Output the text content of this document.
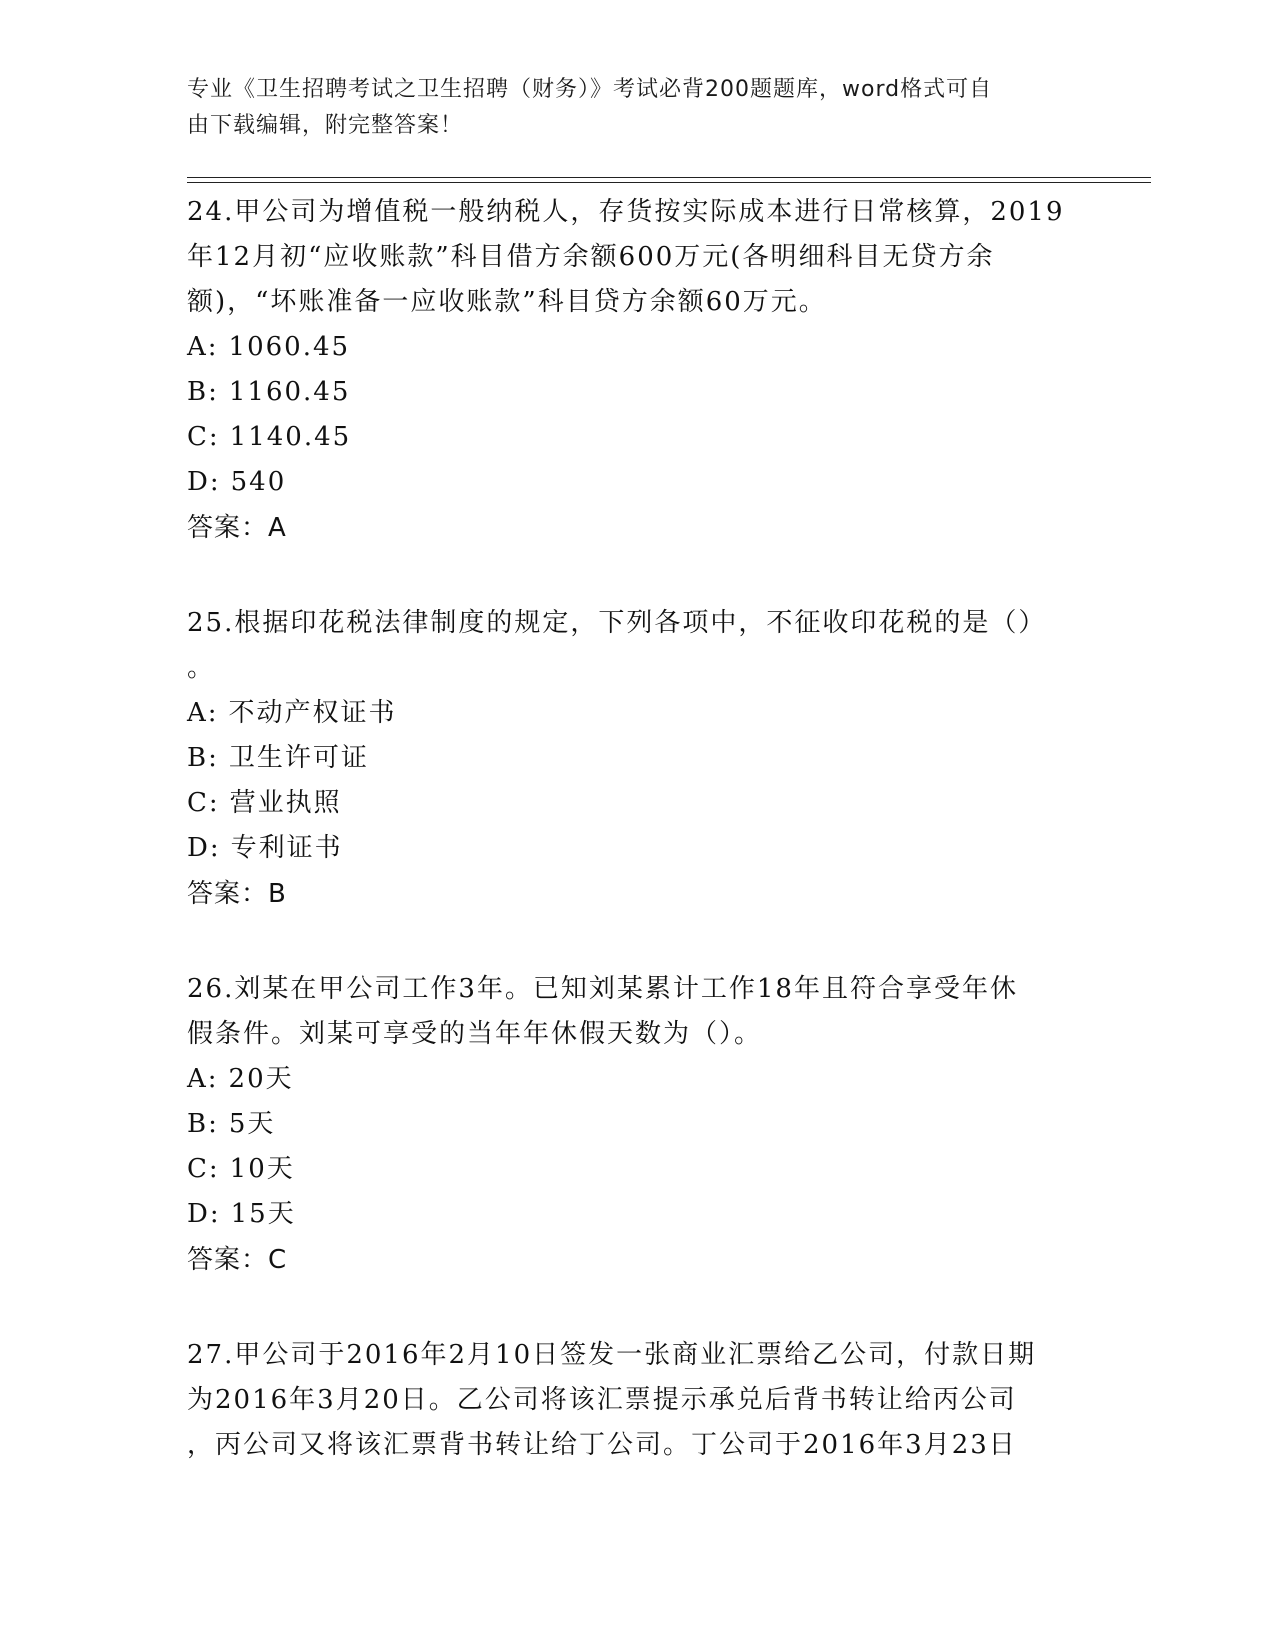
专业《卫生招聘考试之卫生招聘（财务）》考试必背200题题库，word格式可自
由下载编辑，附完整答案！

24.甲公司为增值税一般纳税人，存货按实际成本进行日常核算，2019

年12月初“应收账款”科目借方余额600万元(各明细科目无贷方余

额)，“坏账准备一应收账款”科目贷方余额60万元。

A: 1060.45

B: 1160.45

C: 1140.45

D: 540

答案：A

25.根据印花税法律制度的规定，下列各项中，不征收印花税的是（）

。

A: 不动产权证书

B: 卫生许可证

C: 营业执照

D: 专利证书

答案：B

26.刘某在甲公司工作3年。已知刘某累计工作18年且符合享受年休

假条件。刘某可享受的当年年休假天数为（）。

A: 20天

B: 5天

C: 10天

D: 15天

答案：C

27.甲公司于2016年2月10日签发一张商业汇票给乙公司，付款日期

为2016年3月20日。乙公司将该汇票提示承兑后背书转让给丙公司

，丙公司又将该汇票背书转让给丁公司。丁公司于2016年3月23日
